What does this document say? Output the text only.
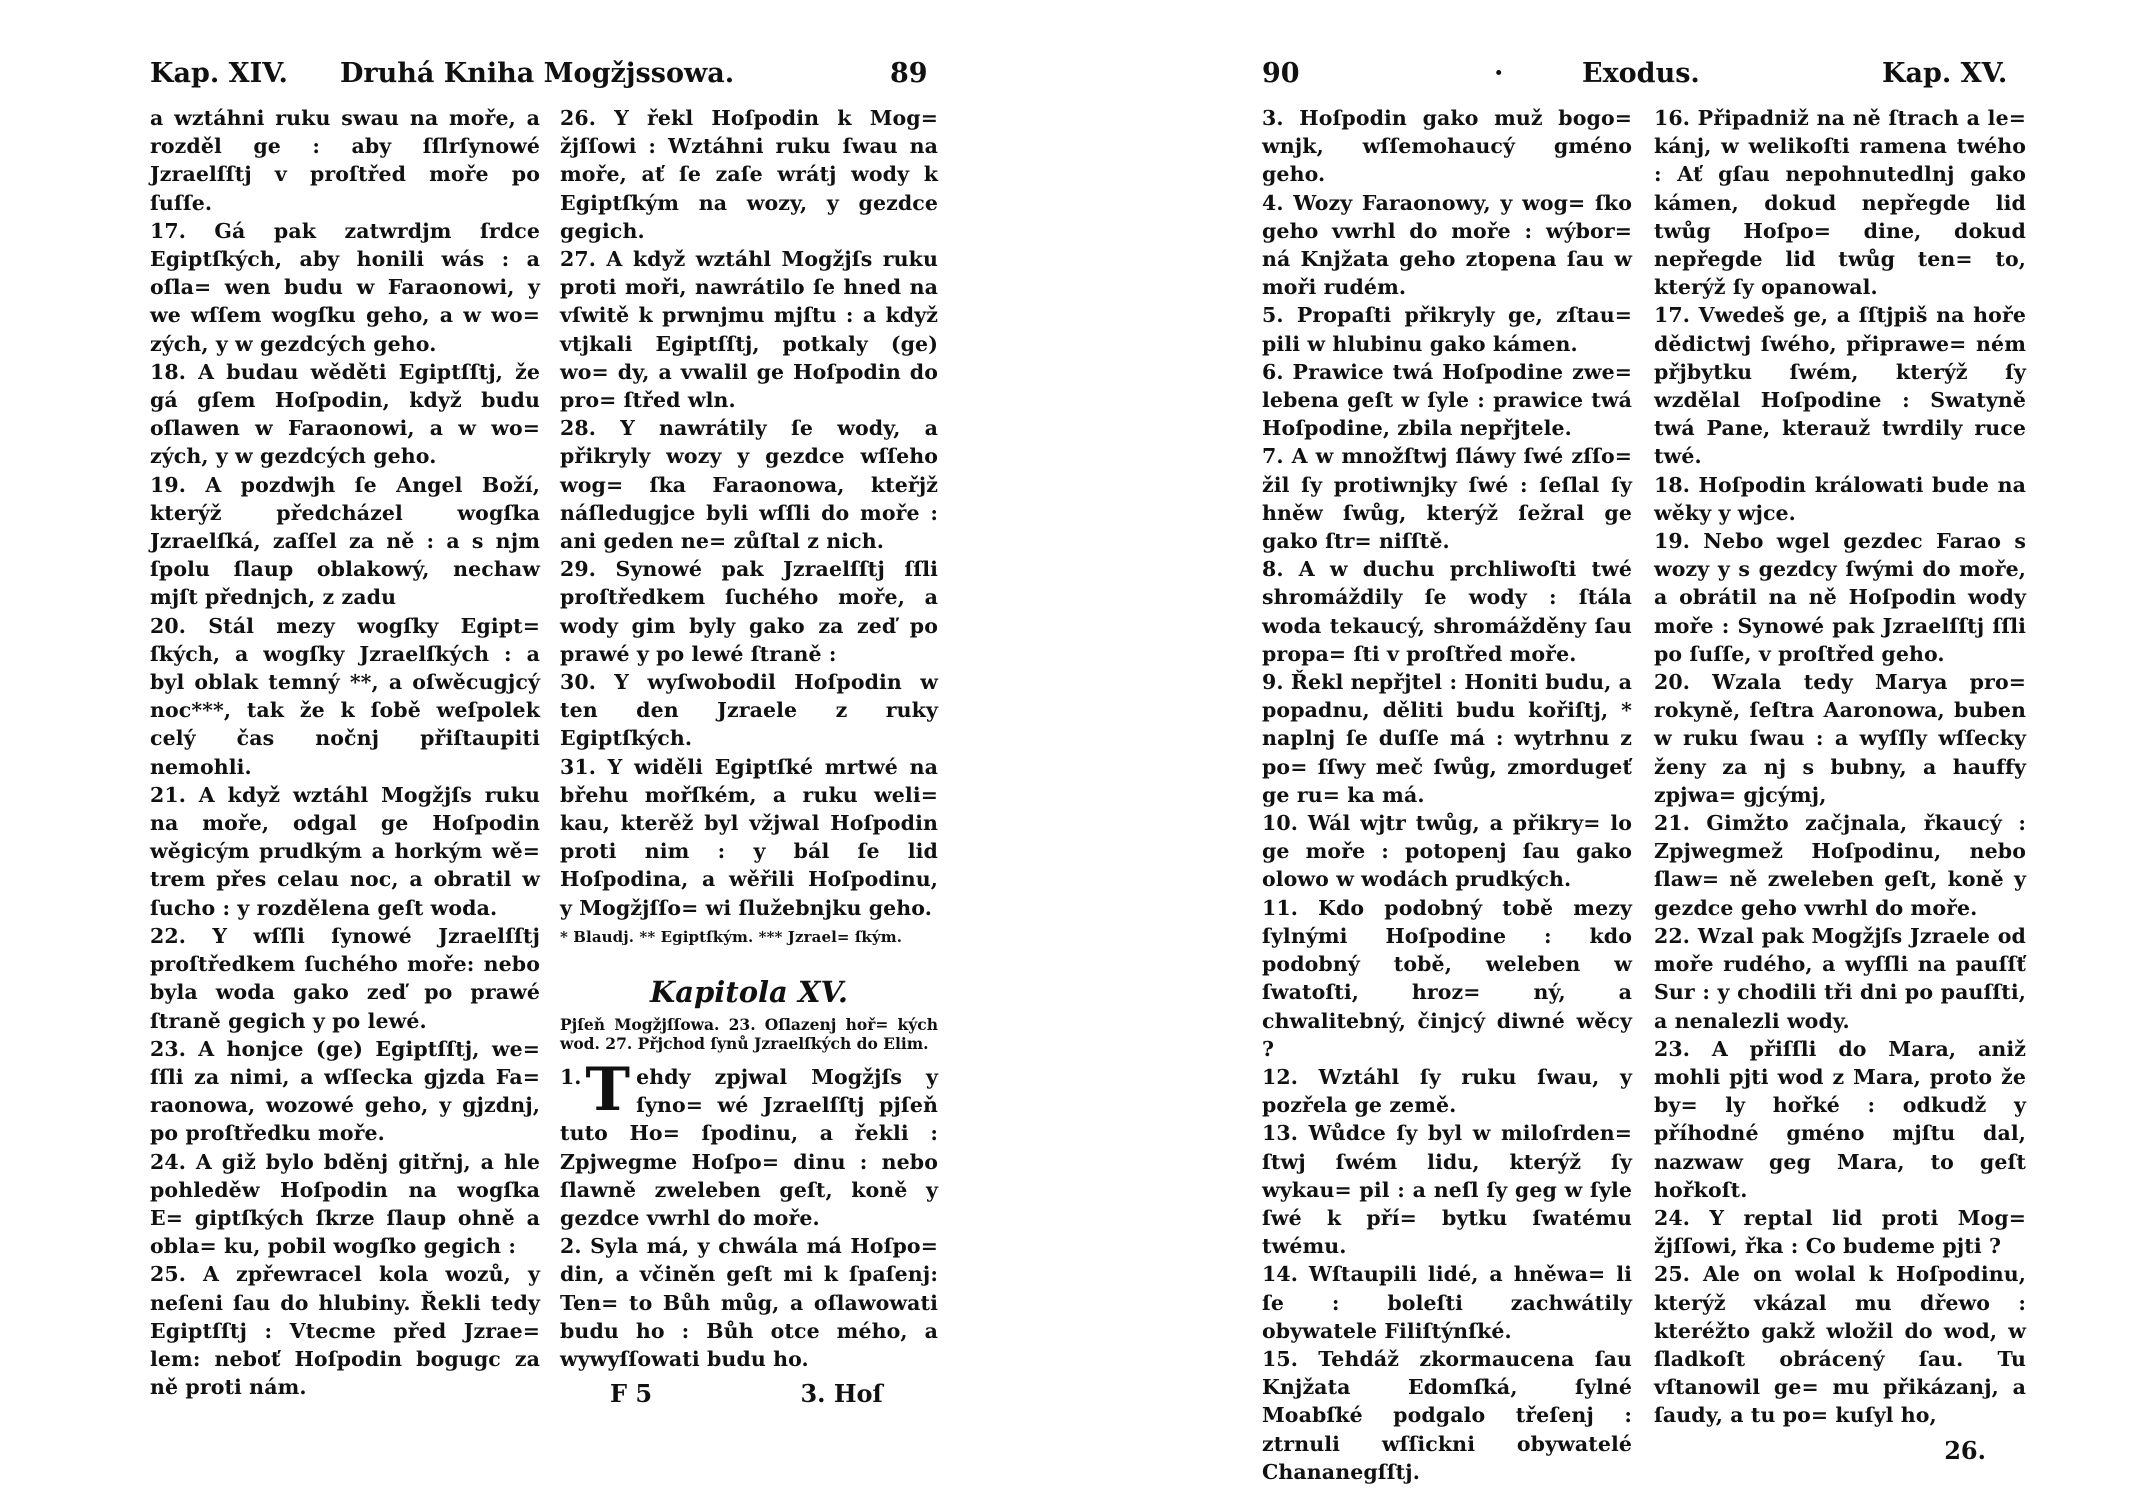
Kap. XIV. Druhá Kniha Mogžjssowa.	89

a wztáhni ruku swau na moře, a rozděl ge : aby ſſlrſynowé Jzraelſſtj v proſtřed moře po ſuſſe.
17. Gá pak zatwrdjm ſrdce Egiptſkých, aby honili wás : a oſla= wen budu w Faraonowi, y we wſſem wogſku geho, a w wo= zých, y w gezdcých geho.
18. A budau wěděti Egiptſſtj, že gá gſem Hoſpodin, když budu oſlawen w Faraonowi, a w wo= zých, y w gezdcých geho.
19. A pozdwjh ſe Angel Boží, kterýž předcházel wogſka Jzraelſká, zaſſel za ně : a s njm ſpolu ſlaup oblakowý, nechaw mjſt přednjch, z zadu
20. Stál mezy wogſky Egipt= ſkých, a wogſky Jzraelſkých : a byl oblak temný **, a oſwěcugjcý noc***, tak že k ſobě weſpolek celý čas nočnj přiſtaupiti nemohli.
21. A když wztáhl Mogžjſs ruku na moře, odgal ge Hoſpodin wěgicým prudkým a horkým wě= trem přes celau noc, a obratil w ſucho : y rozdělena geſt woda.
22. Y wſſli ſynowé Jzraelſſtj proſtředkem ſuchého moře: nebo byla woda gako zeď po prawé ſtraně gegich y po lewé.
23. A honjce (ge) Egiptſſtj, we= ſſli za nimi, a wſſecka gjzda Fa= raonowa, wozowé geho, y gjzdnj, po proſtředku moře.
24. A giž bylo bděnj gitřnj, a hle pohleděw Hoſpodin na wogſka E= giptſkých ſkrze ſlaup ohně a obla= ku, pobil wogſko gegich :
25. A zpřewracel kola wozů, y neſeni ſau do hlubiny. Řekli tedy Egiptſſtj : Vtecme před Jzrae= lem: neboť Hoſpodin bogugc za ně proti nám.

26. Y řekl Hoſpodin k Mog= žjſſowi : Wztáhni ruku ſwau na moře, ať ſe zaſe wrátj wody k Egiptſkým na wozy, y gezdce gegich.
27. A když wztáhl Mogžjſs ruku proti moři, nawrátilo ſe hned na vſwitě k prwnjmu mjſtu : a když vtjkali Egiptſſtj, potkaly (ge) wo= dy, a vwalil ge Hoſpodin do pro= ſtřed wln.
28. Y nawrátily ſe wody, a přikryly wozy y gezdce wſſeho wog= ſka Faraonowa, kteřjž náſledugjce byli wſſli do moře : ani geden ne= zůſtal z nich.
29. Synowé pak Jzraelſſtj ſſli proſtředkem ſuchého moře, a wody gim byly gako za zeď po prawé y po lewé ſtraně :
30. Y wyſwobodil Hoſpodin w ten den Jzraele z ruky Egiptſkých.
31. Y widěli Egiptſké mrtwé na břehu mořſkém, a ruku weli= kau, kterěž byl vžjwal Hoſpodin proti nim : y bál ſe lid Hoſpodina, a wěřili Hoſpodinu, y Mogžjſſo= wi ſlužebnjku geho.

* Blaudj. ** Egiptſkým. *** Jzrael= ſkým.

Kapitola XV.
Pjſeň Mogžjſſowa. 23. Oſlazenj hoř= kých wod. 27. Přjchod ſynů Jzraelſkých do Elim.
1. T ehdy zpjwal Mogžjſs y ſyno= wé Jzraelſſtj pjſeň tuto Ho= ſpodinu, a řekli : Zpjwegme Hoſpo= dinu : nebo ſlawně zweleben geſt, koně y gezdce vwrhl do moře.
2. Syla má, y chwála má Hoſpo= din, a včiněn geſt mi k ſpaſenj: Ten= to Bůh můg, a oſlawowati budu ho : Bůh otce mého, a wywyſſowati budu ho.

F 5	3. Hoſ
90	·	Exodus.	Kap. XV.

3. Hoſpodin gako muž bogo= wnjk, wſſemohaucý gméno geho.
4. Wozy Faraonowy, y wog= ſko geho vwrhl do moře : wýbor= ná Knjžata geho ztopena ſau w moři rudém.
5. Propaſti přikryly ge, zſtau= pili w hlubinu gako kámen.
6. Prawice twá Hoſpodine zwe= lebena geſt w ſyle : prawice twá Hoſpodine, zbila nepřjtele.
7. A w množſtwj ſláwy ſwé zſſo= žil ſy protiwnjky ſwé : ſeſlal ſy hněw ſwůg, kterýž ſežral ge gako ſtr= niſſtě.
8. A w duchu prchliwoſti twé shromáždily ſe wody : ſtála woda tekaucý, shromážděny ſau propa= ſti v proſtřed moře.
9. Řekl nepřjtel : Honiti budu, a popadnu, děliti budu kořiſtj, * naplnj ſe duſſe má : wytrhnu z po= ſſwy meč ſwůg, zmordugeť ge ru= ka má.
10. Wál wjtr twůg, a přikry= lo ge moře : potopenj ſau gako olowo w wodách prudkých.
11. Kdo podobný tobě mezy ſylnými Hoſpodine : kdo podobný tobě, weleben w ſwatoſti, hroz= ný, a chwalitebný, činjcý diwné wěcy ?
12. Wztáhl ſy ruku ſwau, y pozřela ge země.
13. Wůdce ſy byl w miloſrden= ſtwj ſwém lidu, kterýž ſy wykau= pil : a neſl ſy geg w ſyle ſwé k pří= bytku ſwatému twému.
14. Wſtaupili lidé, a hněwa= li ſe : boleſti zachwátily obywatele Filiſtýnſké.
15. Tehdáž zkormaucena ſau Knjžata Edomſká, ſylné Moabſké podgalo třeſenj : ztrnuli wſſickni obywatelé Chananegſſtj.

16. Připadniž na ně ſtrach a le= kánj, w welikoſti ramena twého : Ať gſau nepohnutedlnj gako kámen, dokud nepřegde lid twůg Hoſpo= dine, dokud nepřegde lid twůg ten= to, kterýž ſy opanowal.
17. Vwedeš ge, a ſſtjpiš na hoře dědictwj ſwého, připrawe= ném přjbytku ſwém, kterýž ſy wzdělal Hoſpodine : Swatyně twá Pane, kterauž twrdily ruce twé.
18. Hoſpodin králowati bude na wěky y wjce.
19. Nebo wgel gezdec Farao s wozy y s gezdcy ſwými do moře, a obrátil na ně Hoſpodin wody moře : Synowé pak Jzraelſſtj ſſli po ſuſſe, v proſtřed geho.
20. Wzala tedy Marya pro= rokyně, ſeſtra Aaronowa, buben w ruku ſwau : a wyſſly wſſecky ženy za nj s bubny, a hauffy zpjwa= gjcýmj,
21. Gimžto začjnala, řkaucý : Zpjwegmež Hoſpodinu, nebo ſlaw= ně zweleben geſt, koně y gezdce geho vwrhl do moře.
22. Wzal pak Mogžjſs Jzraele od moře rudého, a wyſſli na pauſſť Sur : y chodili tři dni po pauſſti, a nenalezli wody.
23. A přiſſli do Mara, aniž mohli pjti wod z Mara, proto že by= ly hořké : odkudž y příhodné gméno mjſtu dal, nazwaw geg Mara, to geſt hořkoſt.
24. Y reptal lid proti Mog= žjſſowi, řka : Co budeme pjti ?
25. Ale on wolal k Hoſpodinu, kterýž vkázal mu dřewo : kteréžto gakž wložil do wod, w ſladkoſt obrácený ſau. Tu vſtanowil ge= mu přikázanj, a ſaudy, a tu po= kuſyl ho,

26.
